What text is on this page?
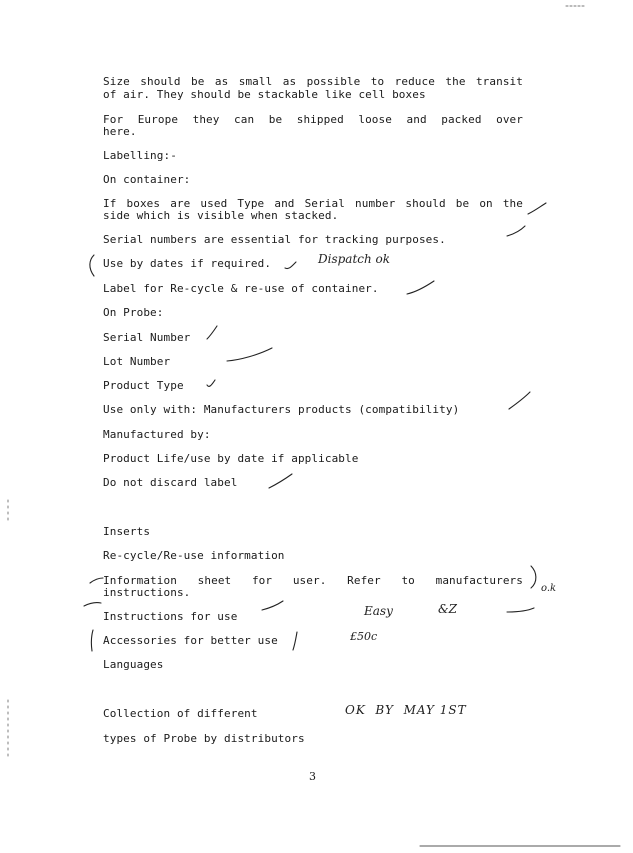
Size should be as small as possible to reduce the transit
of air. They should be stackable like cell boxes
For Europe they can be shipped loose and packed over
here.
Labelling:-
On container:
If boxes are used Type and Serial number should be on the
side which is visible when stacked.
Serial numbers are essential for tracking purposes.
Use by dates if required.
Label for Re-cycle & re-use of container.
On Probe:
Serial Number
Lot Number
Product Type
Use only with: Manufacturers products (compatibility)
Manufactured by:
Product Life/use by date if applicable
Do not discard label
Inserts
Re-cycle/Re-use information
Information sheet for user. Refer to manufacturers
instructions.
Instructions for use
Accessories for better use
Languages
Collection of different
types of Probe by distributors
3
Dispatch ok
Easy	&Z
£50c
o.k
OK  BY  MAY 1ST
